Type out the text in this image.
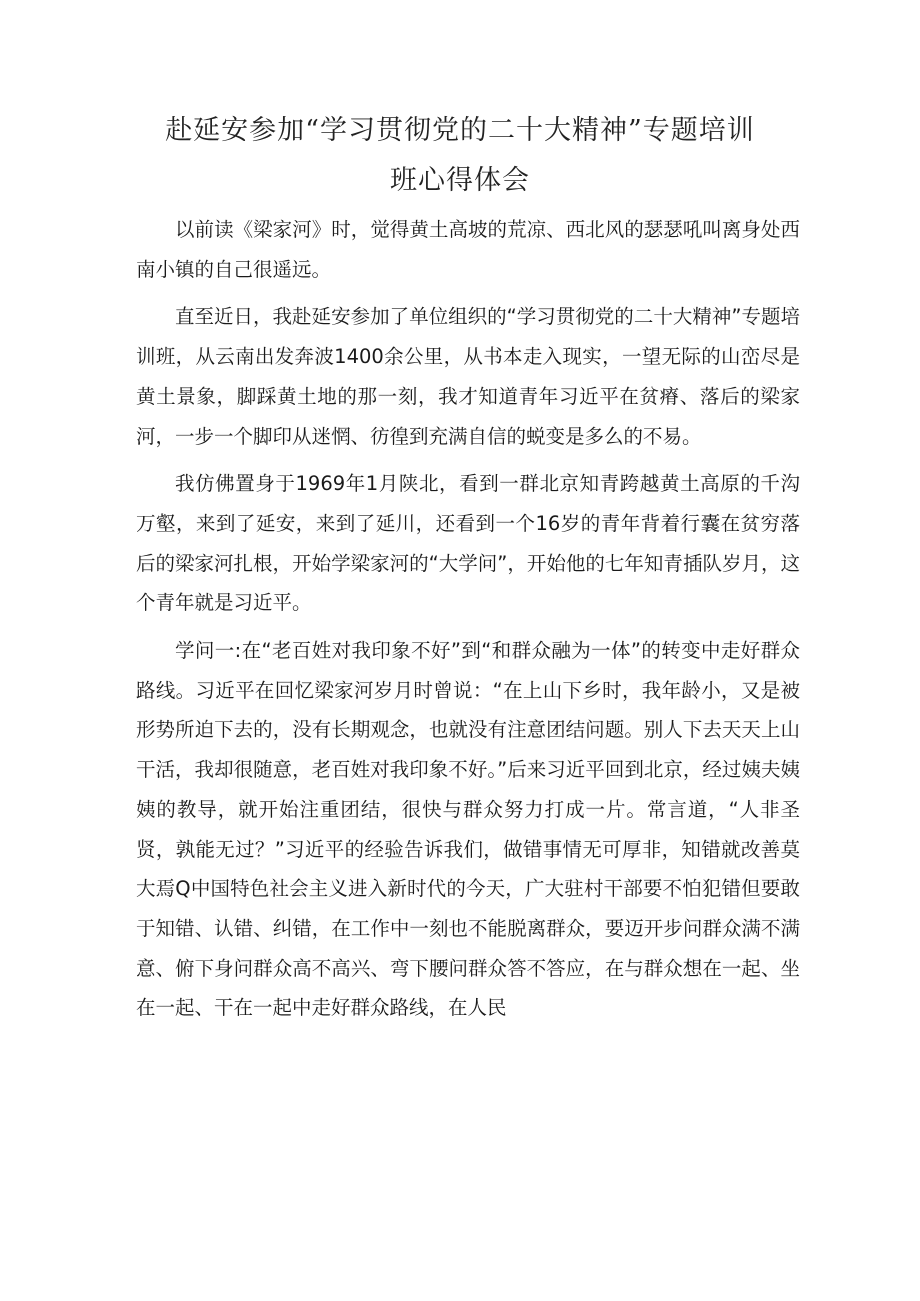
赴延安参加“学习贯彻党的二十大精神”专题培训
班心得体会

以前读《梁家河》时，觉得黄土高坡的荒凉、西北风的瑟瑟吼叫离身处西南小镇的自己很遥远。

直至近日，我赴延安参加了单位组织的“学习贯彻党的二十大精神”专题培训班，从云南出发奔波1400余公里，从书本走入现实，一望无际的山峦尽是黄土景象，脚踩黄土地的那一刻，我才知道青年习近平在贫瘠、落后的梁家河，一步一个脚印从迷惘、彷徨到充满自信的蜕变是多么的不易。

我仿佛置身于1969年1月陕北，看到一群北京知青跨越黄土高原的千沟万壑，来到了延安，来到了延川，还看到一个16岁的青年背着行囊在贫穷落后的梁家河扎根，开始学梁家河的“大学问”，开始他的七年知青插队岁月，这个青年就是习近平。

学问一:在“老百姓对我印象不好”到“和群众融为一体”的转变中走好群众路线。习近平在回忆梁家河岁月时曾说：“在上山下乡时，我年龄小，又是被形势所迫下去的，没有长期观念，也就没有注意团结问题。别人下去天天上山干活，我却很随意，老百姓对我印象不好。”后来习近平回到北京，经过姨夫姨姨的教导，就开始注重团结，很快与群众努力打成一片。常言道，“人非圣贤，孰能无过？”习近平的经验告诉我们，做错事情无可厚非，知错就改善莫大焉Q中国特色社会主义进入新时代的今天，广大驻村干部要不怕犯错但要敢于知错、认错、纠错，在工作中一刻也不能脱离群众，要迈开步问群众满不满意、俯下身问群众高不高兴、弯下腰问群众答不答应，在与群众想在一起、坐在一起、干在一起中走好群众路线，在人民
